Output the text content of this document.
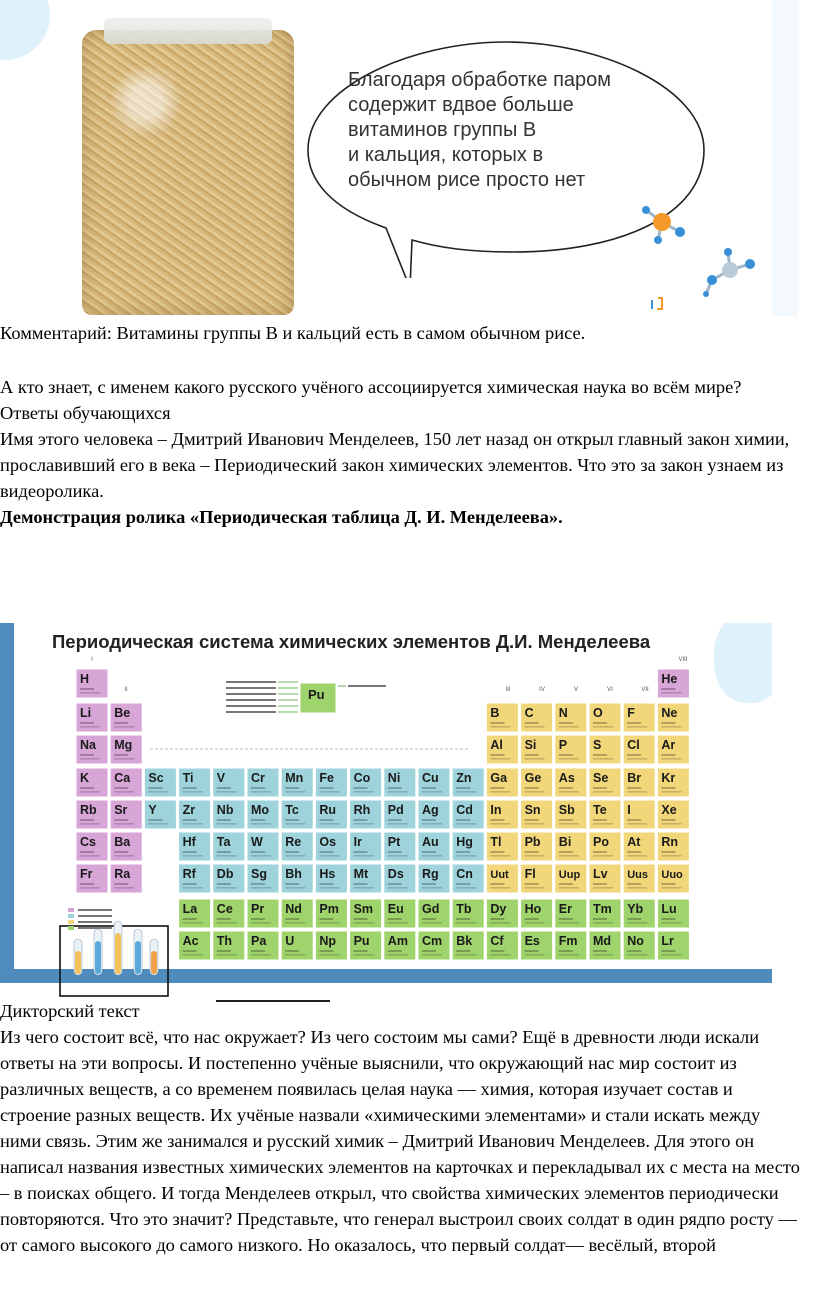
Благодаря обработке паром
содержит вдвое больше
витаминов группы В
и кальция, которых в
обычном рисе просто нет

Комментарий: Витамины группы В и кальций есть в самом обычном рисе.

А кто знает, с именем какого русского учёного ассоциируется химическая наука во всём мире?

Ответы обучающихся

Имя этого человека – Дмитрий Иванович Менделеев, 150 лет назад он открыл главный закон химии, прославивший его в века – Периодический закон химических элементов. Что это за закон узнаем из видеоролика.

Демонстрация ролика «Периодическая таблица Д. И. Менделеева».

Периодическая система химических элементов Д.И. Менделеева
I
II	III	IV	V	VI	VII
VIII
H	He
Li Be	B C N O F Ne
Na Mg	Al Si P S Cl Ar
K Ca Sc Ti V Cr Mn Fe Co Ni Cu Zn Ga Ge As Se Br Kr
Rb Sr Y Zr Nb Mo Tc Ru Rh Pd Ag Cd In Sn Sb Te I Xe
Cs Ba	Hf Ta W Re Os Ir Pt Au Hg Tl Pb Bi Po At Rn
Fr Ra	Rf Db Sg Bh Hs Mt Ds Rg Cn Uut Fl Uup Lv Uus Uuo
La Ce Pr Nd Pm Sm Eu Gd Tb Dy Ho Er Tm Yb Lu
Ac Th Pa U Np Pu Am Cm Bk Cf Es Fm Md No Lr
Pu

Дикторский текст

Из чего состоит всё, что нас окружает? Из чего состоим мы сами? Ещё в древности люди искали ответы на эти вопросы. И постепенно учёные выяснили, что окружающий нас мир состоит из различных веществ, а со временем появилась целая наука — химия, которая изучает состав и строение разных веществ. Их учёные назвали «химическими элементами» и стали искать между ними связь. Этим же занимался и русский химик – Дмитрий Иванович Менделеев. Для этого он написал названия известных химических элементов на карточках и перекладывал их с места на место – в поисках общего. И тогда Менделеев открыл, что свойства химических элементов периодически повторяются. Что это значит? Представьте, что генерал выстроил своих солдат в один рядпо росту — от самого высокого до самого низкого. Но оказалось, что первый солдат— весёлый, второй
